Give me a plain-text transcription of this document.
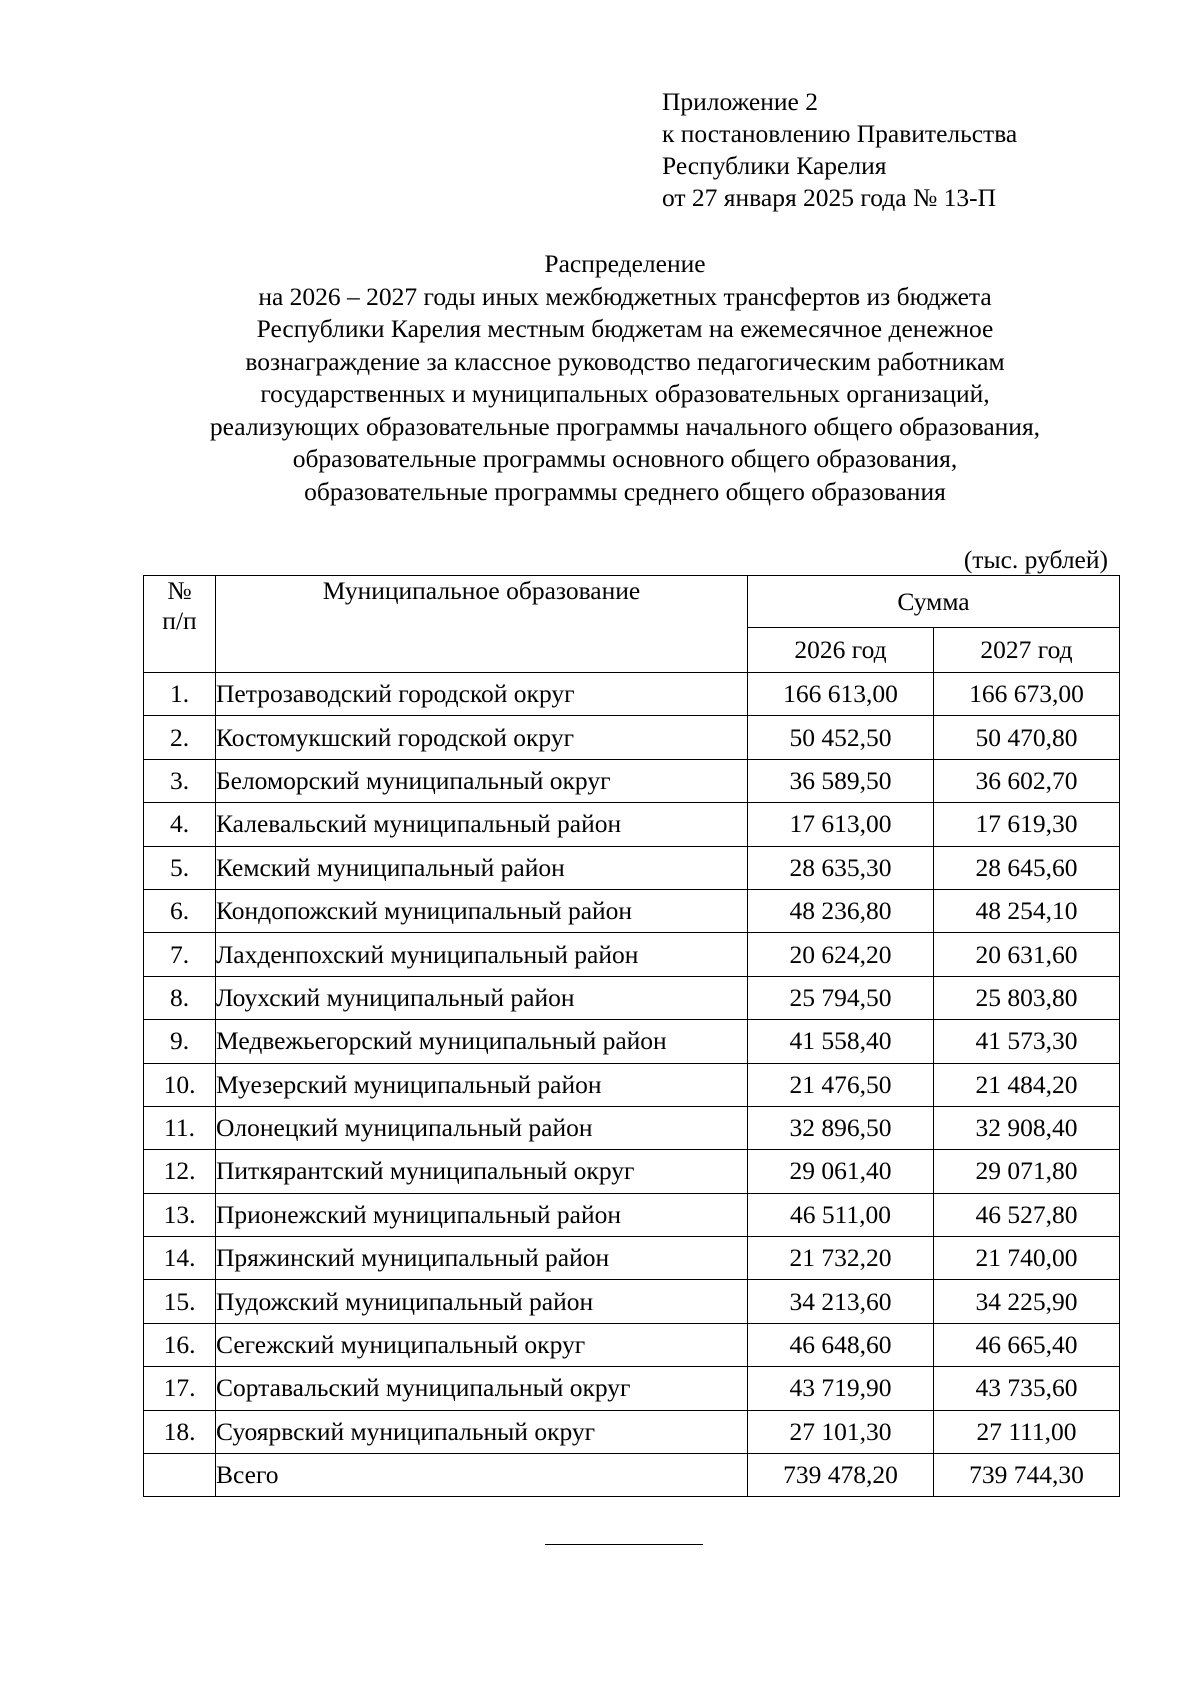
Приложение 2
к постановлению Правительства
Республики Карелия
от 27 января 2025 года № 13-П
Распределение
на 2026 – 2027 годы иных межбюджетных трансфертов из бюджета
Республики Карелия местным бюджетам на ежемесячное денежное
вознаграждение за классное руководство педагогическим работникам
государственных и муниципальных образовательных организаций,
реализующих образовательные программы начального общего образования,
образовательные программы основного общего образования,
образовательные программы среднего общего образования
(тыс. рублей)
№
п/п	Муниципальное образование	Сумма	
		2026 год	2027 год
1.	Петрозаводский городской округ	166 613,00	166 673,00
2.	Костомукшский городской округ	50 452,50	50 470,80
3.	Беломорский муниципальный округ	36 589,50	36 602,70
4.	Калевальский муниципальный район	17 613,00	17 619,30
5.	Кемский муниципальный район	28 635,30	28 645,60
6.	Кондопожский муниципальный район	48 236,80	48 254,10
7.	Лахденпохский муниципальный район	20 624,20	20 631,60
8.	Лоухский муниципальный район	25 794,50	25 803,80
9.	Медвежьегорский муниципальный район	41 558,40	41 573,30
10.	Муезерский муниципальный район	21 476,50	21 484,20
11.	Олонецкий муниципальный район	32 896,50	32 908,40
12.	Питкярантский муниципальный округ	29 061,40	29 071,80
13.	Прионежский муниципальный район	46 511,00	46 527,80
14.	Пряжинский муниципальный район	21 732,20	21 740,00
15.	Пудожский муниципальный район	34 213,60	34 225,90
16.	Сегежский муниципальный округ	46 648,60	46 665,40
17.	Сортавальский муниципальный округ	43 719,90	43 735,60
18.	Суоярвский муниципальный округ	27 101,30	27 111,00
	Всего	739 478,20	739 744,30
